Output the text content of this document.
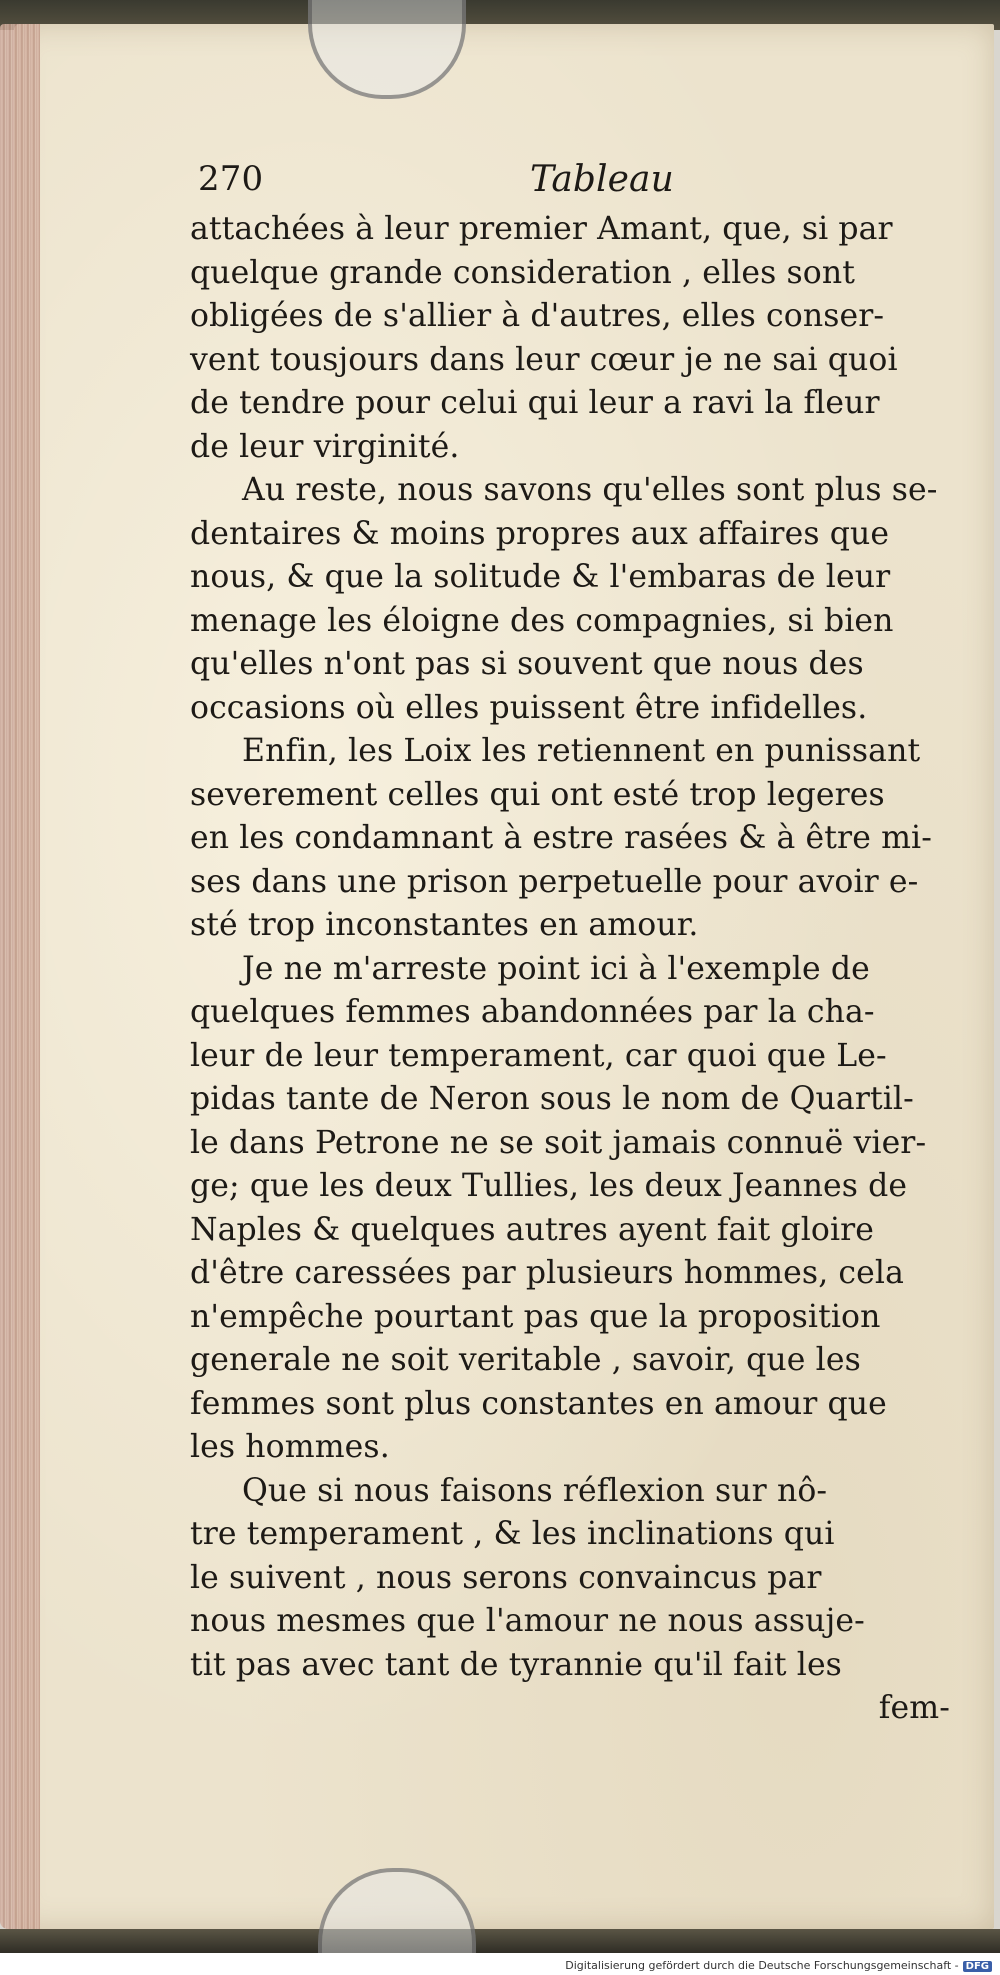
270	Tableau
attachées à leur premier Amant, que, si par
quelque grande consideration , elles sont
obligées de s'allier à d'autres, elles conser-
vent tousjours dans leur cœur je ne sai quoi
de tendre pour celui qui leur a ravi la fleur
de leur virginité.
Au reste, nous savons qu'elles sont plus se-
dentaires & moins propres aux affaires que
nous, & que la solitude & l'embaras de leur
menage les éloigne des compagnies, si bien
qu'elles n'ont pas si souvent que nous des
occasions où elles puissent être infidelles.
Enfin, les Loix les retiennent en punissant
severement celles qui ont esté trop legeres
en les condamnant à estre rasées & à être mi-
ses dans une prison perpetuelle pour avoir e-
sté trop inconstantes en amour.
Je ne m'arreste point ici à l'exemple de
quelques femmes abandonnées par la cha-
leur de leur temperament, car quoi que Le-
pidas tante de Neron sous le nom de Quartil-
le dans Petrone ne se soit jamais connuë vier-
ge; que les deux Tullies, les deux Jeannes de
Naples & quelques autres ayent fait gloire
d'être caressées par plusieurs hommes, cela
n'empêche pourtant pas que la proposition
generale ne soit veritable , savoir, que les
femmes sont plus constantes en amour que
les hommes.
Que si nous faisons réflexion sur nô-
tre temperament , & les inclinations qui
le suivent , nous serons convaincus par
nous mesmes que l'amour ne nous assuje-
tit pas avec tant de tyrannie qu'il fait les
fem-
Digitalisierung gefördert durch die Deutsche Forschungsgemeinschaft - DFG
